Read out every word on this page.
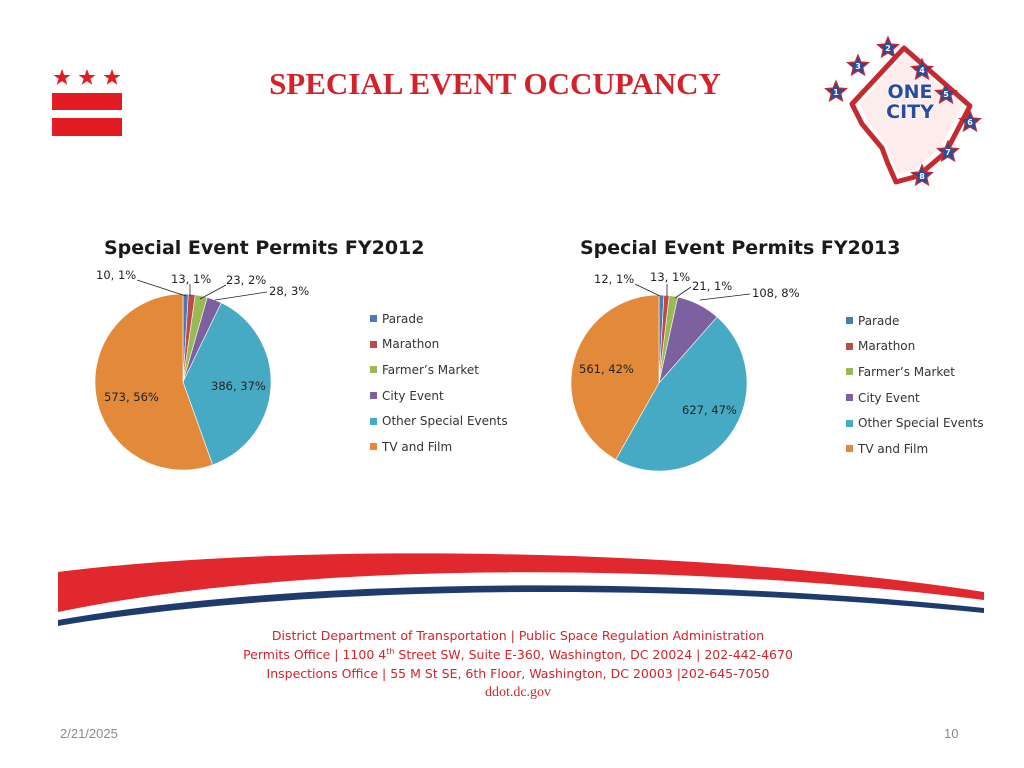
SPECIAL EVENT OCCUPANCY	1
2
3	4
5
6
7
8
ONE
CITY
Special Event Permits FY2012	Special Event Permits FY2013
10, 1%	13, 1% 23, 2%
28, 3%
386, 37%
573, 56%
12, 1% 13, 1%
21, 1% 108, 8%
627, 47%
561, 42%
Parade
Marathon
Farmer’s Market
City Event
Other Special Events
TV and Film
Parade
Marathon
Farmer’s Market
City Event
Other Special Events
TV and Film
District Department of Transportation | Public Space Regulation Administration
Permits Office | 1100 4th Street SW, Suite E-360, Washington, DC 20024 | 202-442-4670
Inspections Office | 55 M St SE, 6th Floor, Washington, DC 20003 |202-645-7050
ddot.dc.gov
2/21/2025	10
